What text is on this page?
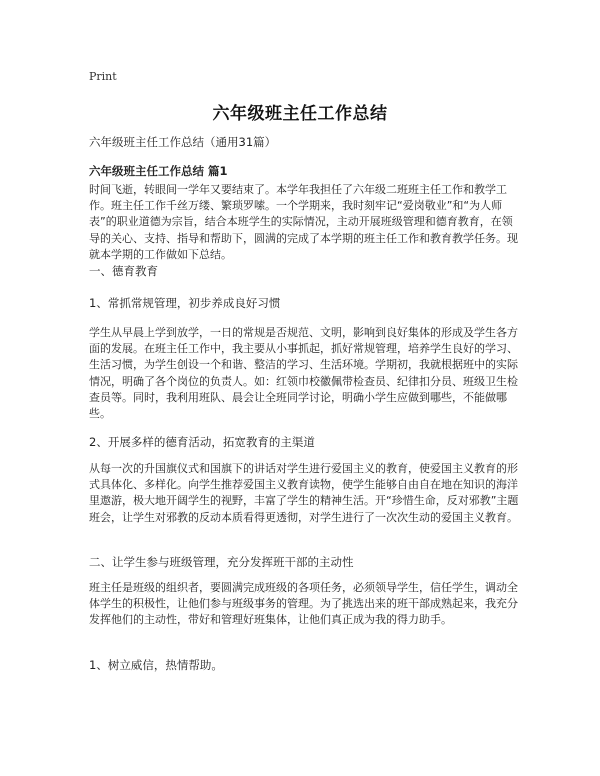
Print
六年级班主任工作总结
六年级班主任工作总结（通用31篇）
六年级班主任工作总结 篇1

时间飞逝，转眼间一学年又要结束了。本学年我担任了六年级二班班主任工作和教学工作。班主任工作千丝万缕、繁琐罗嗦。一个学期来，我时刻牢记“爱岗敬业”和“为人师表”的职业道德为宗旨，结合本班学生的实际情况，主动开展班级管理和德育教育，在领导的关心、支持、指导和帮助下，圆满的完成了本学期的班主任工作和教育教学任务。现就本学期的工作做如下总结。

一、德育教育
1、常抓常规管理，初步养成良好习惯

学生从早晨上学到放学，一日的常规是否规范、文明，影响到良好集体的形成及学生各方面的发展。在班主任工作中，我主要从小事抓起，抓好常规管理，培养学生良好的学习、生活习惯，为学生创设一个和谐、整洁的学习、生活环境。学期初，我就根据班中的实际情况，明确了各个岗位的负责人。如：红领巾校徽佩带检查员、纪律扣分员、班级卫生检查员等。同时，我利用班队、晨会让全班同学讨论，明确小学生应做到哪些，不能做哪些。

2、开展多样的德育活动，拓宽教育的主渠道

从每一次的升国旗仪式和国旗下的讲话对学生进行爱国主义的教育，使爱国主义教育的形式具体化、多样化。向学生推荐爱国主义教育读物，使学生能够自由自在地在知识的海洋里遨游，极大地开阔学生的视野，丰富了学生的精神生活。开“珍惜生命，反对邪教”主题班会，让学生对邪教的反动本质看得更透彻，对学生进行了一次次生动的爱国主义教育。

二、让学生参与班级管理，充分发挥班干部的主动性

班主任是班级的组织者，要圆满完成班级的各项任务，必须领导学生，信任学生，调动全体学生的积极性，让他们参与班级事务的管理。为了挑选出来的班干部成熟起来，我充分发挥他们的主动性，带好和管理好班集体，让他们真正成为我的得力助手。

1、树立威信，热情帮助。
